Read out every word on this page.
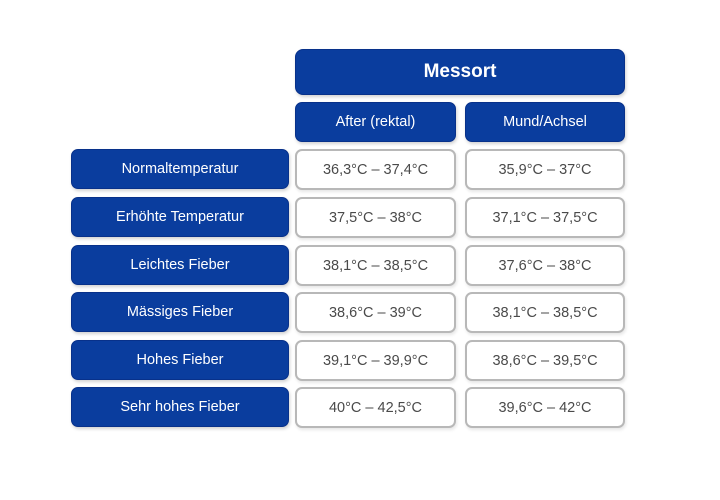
Messort
After (rektal)	Mund/Achsel
Normaltemperatur	36,3°C – 37,4°C	35,9°C – 37°C
Erhöhte Temperatur	37,5°C – 38°C	37,1°C – 37,5°C
Leichtes Fieber	38,1°C – 38,5°C	37,6°C – 38°C
Mässiges Fieber	38,6°C – 39°C	38,1°C – 38,5°C
Hohes Fieber	39,1°C – 39,9°C	38,6°C – 39,5°C
Sehr hohes Fieber	40°C – 42,5°C	39,6°C – 42°C
